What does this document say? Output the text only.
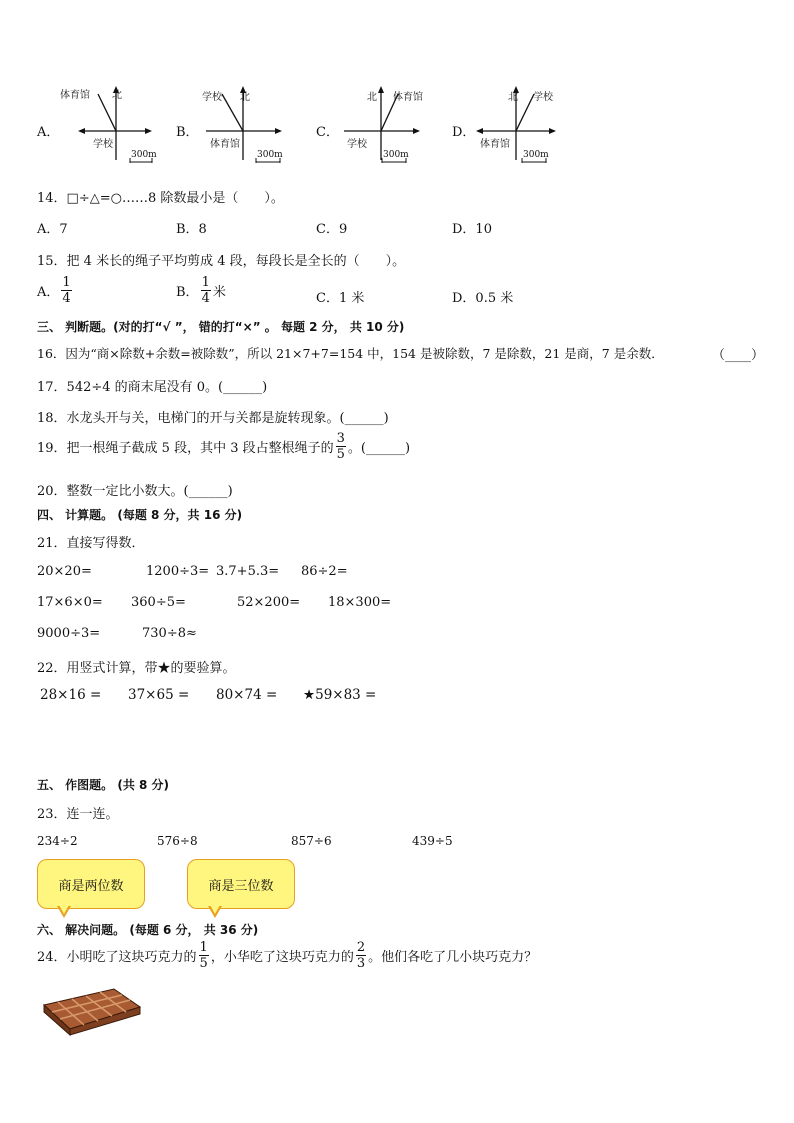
A．
体育馆 北
学校
300m
B．
学校 北
体育馆
300m
C．
北 体育馆
学校
300m
D．
北 学校
体育馆
300m
14．□÷△=○……8 除数最小是（　　）。
A．7	B．8	C．9	D．10
15．把 4 米长的绳子平均剪成 4 段，每段长是全长的（　　）。
A． $\frac{1}{4}$	B． $\frac{1}{4}$ 米	C．1 米	D．0.5 米
三、 判断题。(对的打“√ ”， 错的打“×” 。 每题 2 分， 共 10 分)
16．因为“商×除数+余数=被除数”，所以 21×7+7=154 中，154 是被除数，7 是除数，21 是商，7 是余数．	（____）
17．542÷4 的商末尾没有 0。(______)
18．水龙头开与关，电梯门的开与关都是旋转现象。(______)
19．把一根绳子截成 5 段，其中 3 段占整根绳子的 $\frac{3}{5}$ 。(______)
20．整数一定比小数大。(______)
四、 计算题。 (每题 8 分，共 16 分)
21．直接写得数．
20×20=	1200÷3= 3.7+5.3= 86÷2=
17×6×0= 360÷5=	52×200= 18×300=
9000÷3=	730÷8≈
22．用竖式计算，带★的要验算。
28×16 = 37×65 = 80×74 = ★59×83 =
五、 作图题。 (共 8 分)
23．连一连。
234÷2	576÷8	857÷6	439÷5
商是两位数	商是三位数
六、 解决问题。 (每题 6 分， 共 36 分)
24．小明吃了这块巧克力的 $\frac{1}{5}$ ，小华吃了这块巧克力的 $\frac{2}{3}$ 。他们各吃了几小块巧克力？
